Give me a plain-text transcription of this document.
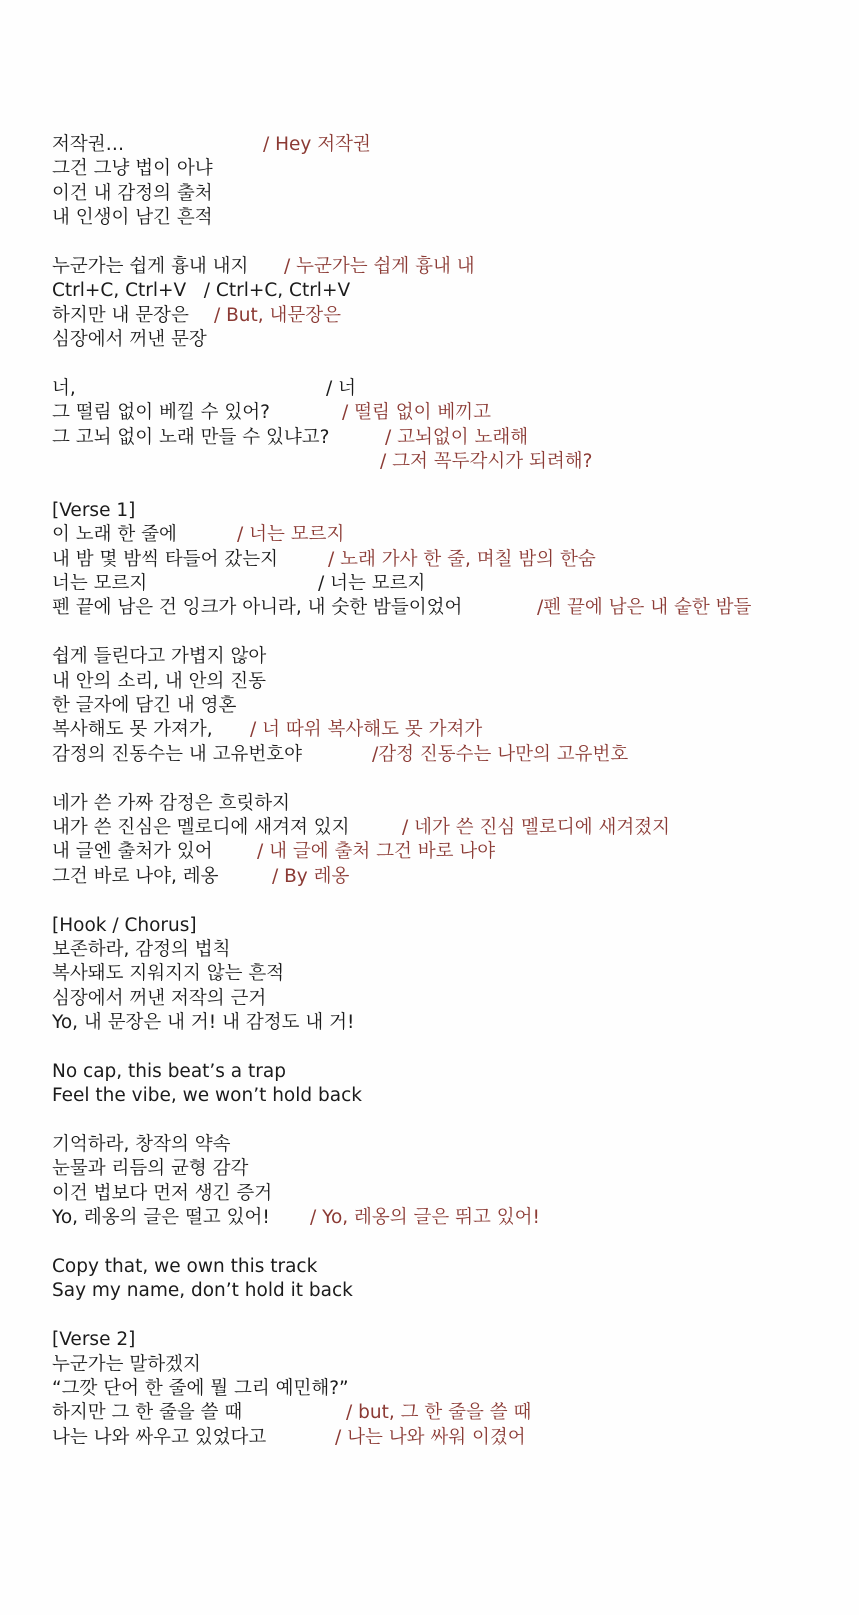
저작권…	/ Hey 저작권
그건 그냥 법이 아냐
이건 내 감정의 출처
내 인생이 남긴 흔적
누군가는 쉽게 흉내 내지 / 누군가는 쉽게 흉내 내
Ctrl+C, Ctrl+V   / Ctrl+C, Ctrl+V
하지만 내 문장은 / But, 내문장은
심장에서 꺼낸 문장
너,	/ 너
그 떨림 없이 베낄 수 있어?	/ 떨림 없이 베끼고
그 고뇌 없이 노래 만들 수 있냐고?	/ 고뇌없이 노래해
/ 그저 꼭두각시가 되려해?
[Verse 1]
이 노래 한 줄에	/ 너는 모르지
내 밤 몇 밤씩 타들어 갔는지	/ 노래 가사 한 줄, 며칠 밤의 한숨
너는 모르지	/ 너는 모르지
펜 끝에 남은 건 잉크가 아니라, 내 숫한 밤들이었어	/펜 끝에 남은 내 숱한 밤들
쉽게 들린다고 가볍지 않아
내 안의 소리, 내 안의 진동
한 글자에 담긴 내 영혼
복사해도 못 가져가, / 너 따위 복사해도 못 가져가
감정의 진동수는 내 고유번호야	/감정 진동수는 나만의 고유번호
네가 쓴 가짜 감정은 흐릿하지
내가 쓴 진심은 멜로디에 새겨져 있지	/ 네가 쓴 진심 멜로디에 새겨졌지
내 글엔 출처가 있어 / 내 글에 출처 그건 바로 나야
그건 바로 나야, 레옹	/ By 레옹
[Hook / Chorus]
보존하라, 감정의 법칙
복사돼도 지워지지 않는 흔적
심장에서 꺼낸 저작의 근거
Yo, 내 문장은 내 거! 내 감정도 내 거!
No cap, this beat’s a trap
Feel the vibe, we won’t hold back
기억하라, 창작의 약속
눈물과 리듬의 균형 감각
이건 법보다 먼저 생긴 증거
Yo, 레옹의 글은 떨고 있어! / Yo, 레옹의 글은 뛰고 있어!
Copy that, we own this track
Say my name, don’t hold it back
[Verse 2]
누군가는 말하겠지
“그깟 단어 한 줄에 뭘 그리 예민해?”
하지만 그 한 줄을 쓸 때	/ but, 그 한 줄을 쓸 때
나는 나와 싸우고 있었다고	/ 나는 나와 싸워 이겼어
